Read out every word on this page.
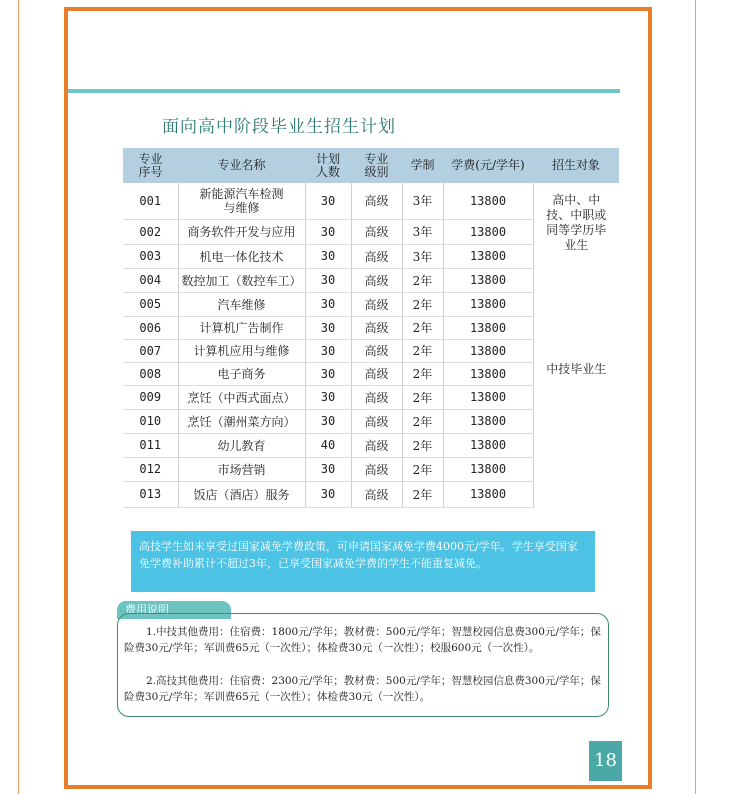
面向高中阶段毕业生招生计划
专业序号	专业名称	计划人数	专业级别	学制	学费(元/学年)	招生对象
001	新能源汽车检测与维修	30	高级	3年	13800	高中、中技、中职或同等学历毕业生
002	商务软件开发与应用	30	高级	3年	13800	
003	机电一体化技术	30	高级	3年	13800	
004	数控加工（数控车工）	30	高级	2年	13800	
005	汽车维修	30	高级	2年	13800	中技毕业生
006	计算机广告制作	30	高级	2年	13800	
007	计算机应用与维修	30	高级	2年	13800	
008	电子商务	30	高级	2年	13800	
009	烹饪（中西式面点）	30	高级	2年	13800	
010	烹饪（潮州菜方向）	30	高级	2年	13800	
011	幼儿教育	40	高级	2年	13800	
012	市场营销	30	高级	2年	13800	
013	饭店（酒店）服务	30	高级	2年	13800	
高技学生如未享受过国家减免学费政策，可申请国家减免学费4000元/学年。学生享受国家免学费补助累计不超过3年，已享受国家减免学费的学生不能重复减免。
费用说明

1.中技其他费用：住宿费：1800元/学年；教材费：500元/学年；智慧校园信息费300元/学年；保险费30元/学年；军训费65元（一次性）；体检费30元（一次性）；校服600元（一次性）。

2.高技其他费用：住宿费：2300元/学年；教材费：500元/学年；智慧校园信息费300元/学年；保险费30元/学年；军训费65元（一次性）；体检费30元（一次性）。

18
